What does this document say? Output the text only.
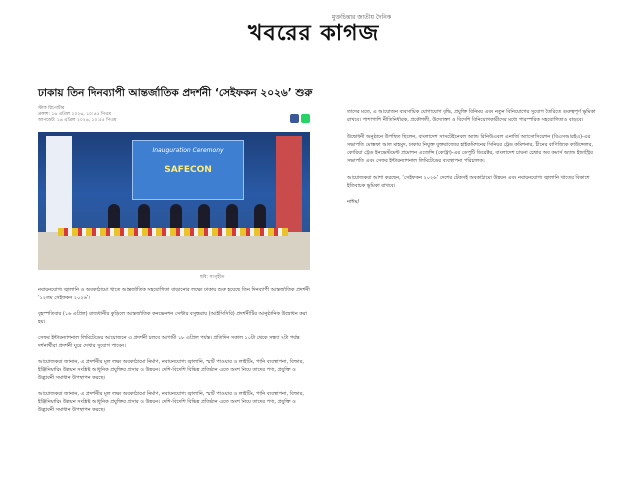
মুক্তচিন্তার জাতীয় দৈনিক
খবরের কাগজ
ঢাকায় তিন দিনব্যাপী আন্তর্জাতিক প্রদর্শনী ‘সেইফকন ২০২৬’ শুরু
স্টাফ রিপোর্টার
প্রকাশ: ১৬ এপ্রিল ২০২৬, ১০:৫৫ পিএম
আপডেট: ১৬ এপ্রিল ২০২৬, ১০:৫৫ পিএম
Inauguration Ceremony
SAFECON
ছবি: সংগৃহীত

নবায়নযোগ্য জ্বালানি ও অবকাঠামো খাতে আন্তর্জাতিক সহযোগিতা বাড়ানোর লক্ষ্যে ঢাকায় শুরু হয়েছে তিন দিনব্যাপী আন্তর্জাতিক প্রদর্শনী ‘১২তম সেইফকন ২০২৬’।

বৃহস্পতিবার (১৬ এপ্রিল) রাজধানীর কুড়িলে আন্তর্জাতিক কনভেনশন সেন্টার বসুন্ধরায় (আইসিসিবি) প্রদর্শনীটির আনুষ্ঠানিক উদ্বোধন করা হয়।

সেফর ইন্টারন্যাশনাল লিমিটেডের আয়োজনে এ প্রদর্শনী চলবে আগামী ১৮ এপ্রিল পর্যন্ত। প্রতিদিন সকাল ১০টা থেকে সন্ধ্যা ৭টা পর্যন্ত দর্শনার্থীরা প্রদর্শনী ঘুরে দেখার সুযোগ পাবেন।

আয়োজকরা জানান, এ প্রদর্শনীর মূল লক্ষ্য অবকাঠামো নির্মাণ, নবায়নযোগ্য জ্বালানি, স্মার্ট পাওয়ার ও লাইটিং, পানি ব্যবস্থাপনা, বিল্ডার, ইঞ্জিনিয়ারিং উন্নয়ন সংশ্লিষ্ট আধুনিক প্রযুক্তির প্রসার ও উন্নয়ন। দেশি-বিদেশি বিভিন্ন প্রতিষ্ঠান এতে অংশ নিয়ে তাদের পণ্য, প্রযুক্তি ও উদ্ভাবনী সমাধান উপস্থাপন করছে।

আয়োজকরা জানান, এ প্রদর্শনীর মূল লক্ষ্য অবকাঠামো নির্মাণ, নবায়নযোগ্য জ্বালানি, স্মার্ট পাওয়ার ও লাইটিং, পানি ব্যবস্থাপনা, বিল্ডার, ইঞ্জিনিয়ারিং উন্নয়ন সংশ্লিষ্ট আধুনিক প্রযুক্তির প্রসার ও উন্নয়ন। দেশি-বিদেশি বিভিন্ন প্রতিষ্ঠান এতে অংশ নিয়ে তাদের পণ্য, প্রযুক্তি ও উদ্ভাবনী সমাধান উপস্থাপন করছে।

তাদের মতে, এ আয়োজন ব্যবসায়িক যোগাযোগ বৃদ্ধি, প্রযুক্তি বিনিময় এবং নতুন বিনিয়োগের সুযোগ তৈরিতে গুরুত্বপূর্ণ ভূমিকা রাখবে। পাশাপাশি নীতিনির্ধারক, প্রকৌশলী, উদ্যোক্তা ও বিদেশি বিনিয়োগকারীদের মধ্যে পারস্পরিক সহযোগিতাও বাড়বে।

উদ্বোধনী অনুষ্ঠানে উপস্থিত ছিলেন, বাংলাদেশ সাসটেইনেবল অ্যান্ড রিনিউএবল এনার্জি অ্যাসোসিয়েশন (বিএসআরইএ)-এর সভাপতি মোস্তফা আল মাহমুদ, ঢাকায় নিযুক্ত যুক্তরাজ্যের হাইকমিশনের সিনিয়র ট্রেড কমিশনার, চীনের বাণিজ্যিক কাউন্সেলর, কোরিয়া ট্রেড ইনভেস্টমেন্ট প্রমোশন এজেন্সি (কোট্রা)-এর ডেপুটি ডিরেক্টর, বাংলাদেশ চায়না চেম্বার অব কমার্স অ্যান্ড ইন্ডাস্ট্রির সভাপতি এবং সেফর ইন্টারন্যাশনাল লিমিটেডের ব্যবস্থাপনা পরিচালক।

আয়োজকরা আশা করছেন, ‘সেইফকন ২০২৬’ দেশের টেকসই অবকাঠামো উন্নয়ন এবং নবায়নযোগ্য জ্বালানি খাতের বিকাশে ইতিবাচক ভূমিকা রাখবে।

নাঈম/
